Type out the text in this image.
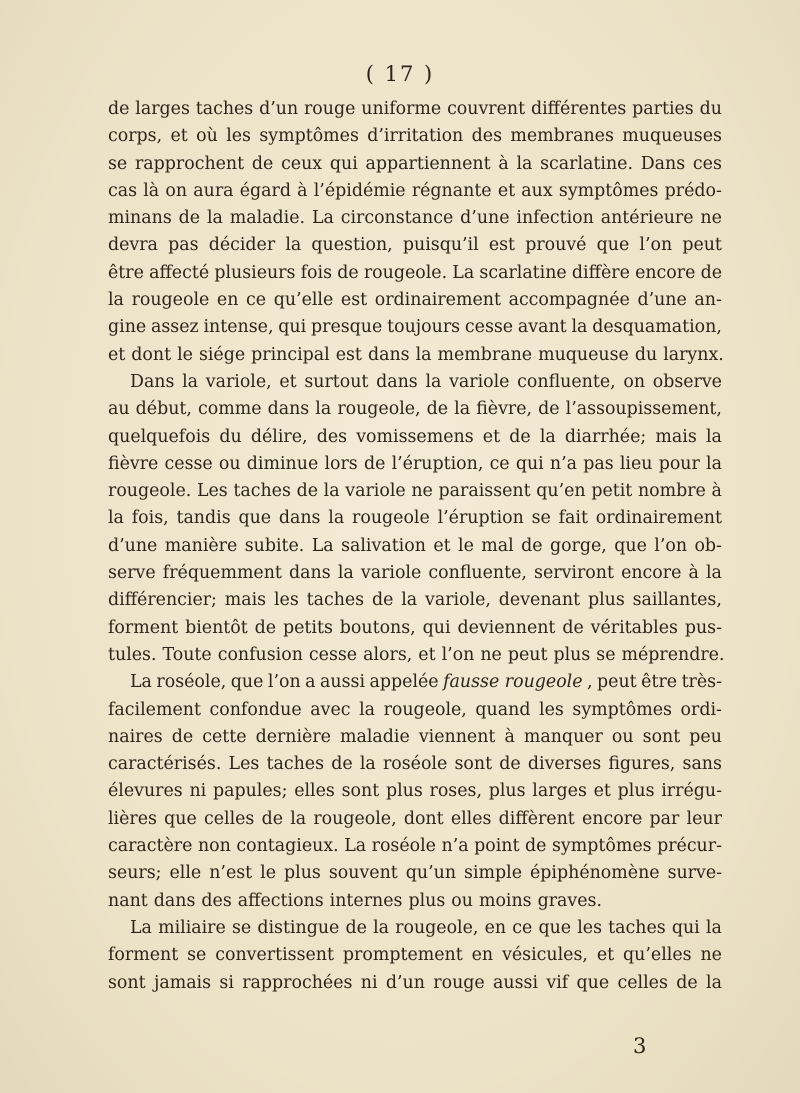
( 17 )
de larges taches d’un rouge uniforme couvrent différentes parties du
corps, et où les symptômes d’irritation des membranes muqueuses
se rapprochent de ceux qui appartiennent à la scarlatine. Dans ces
cas là on aura égard à l’épidémie régnante et aux symptômes prédo-
minans de la maladie. La circonstance d’une infection antérieure ne
devra pas décider la question, puisqu’il est prouvé que l’on peut
être affecté plusieurs fois de rougeole. La scarlatine diffère encore de
la rougeole en ce qu’elle est ordinairement accompagnée d’une an-
gine assez intense, qui presque toujours cesse avant la desquamation,
et dont le siége principal est dans la membrane muqueuse du larynx.
Dans la variole, et surtout dans la variole confluente, on observe
au début, comme dans la rougeole, de la fièvre, de l’assoupissement,
quelquefois du délire, des vomissemens et de la diarrhée; mais la
fièvre cesse ou diminue lors de l’éruption, ce qui n’a pas lieu pour la
rougeole. Les taches de la variole ne paraissent qu’en petit nombre à
la fois, tandis que dans la rougeole l’éruption se fait ordinairement
d’une manière subite. La salivation et le mal de gorge, que l’on ob-
serve fréquemment dans la variole confluente, serviront encore à la
différencier; mais les taches de la variole, devenant plus saillantes,
forment bientôt de petits boutons, qui deviennent de véritables pus-
tules. Toute confusion cesse alors, et l’on ne peut plus se méprendre.
La roséole, que l’on a aussi appelée fausse rougeole , peut être très-
facilement confondue avec la rougeole, quand les symptômes ordi-
naires de cette dernière maladie viennent à manquer ou sont peu
caractérisés. Les taches de la roséole sont de diverses figures, sans
élevures ni papules; elles sont plus roses, plus larges et plus irrégu-
lières que celles de la rougeole, dont elles diffèrent encore par leur
caractère non contagieux. La roséole n’a point de symptômes précur-
seurs; elle n’est le plus souvent qu’un simple épiphénomène surve-
nant dans des affections internes plus ou moins graves.
La miliaire se distingue de la rougeole, en ce que les taches qui la
forment se convertissent promptement en vésicules, et qu’elles ne
sont jamais si rapprochées ni d’un rouge aussi vif que celles de la
3
